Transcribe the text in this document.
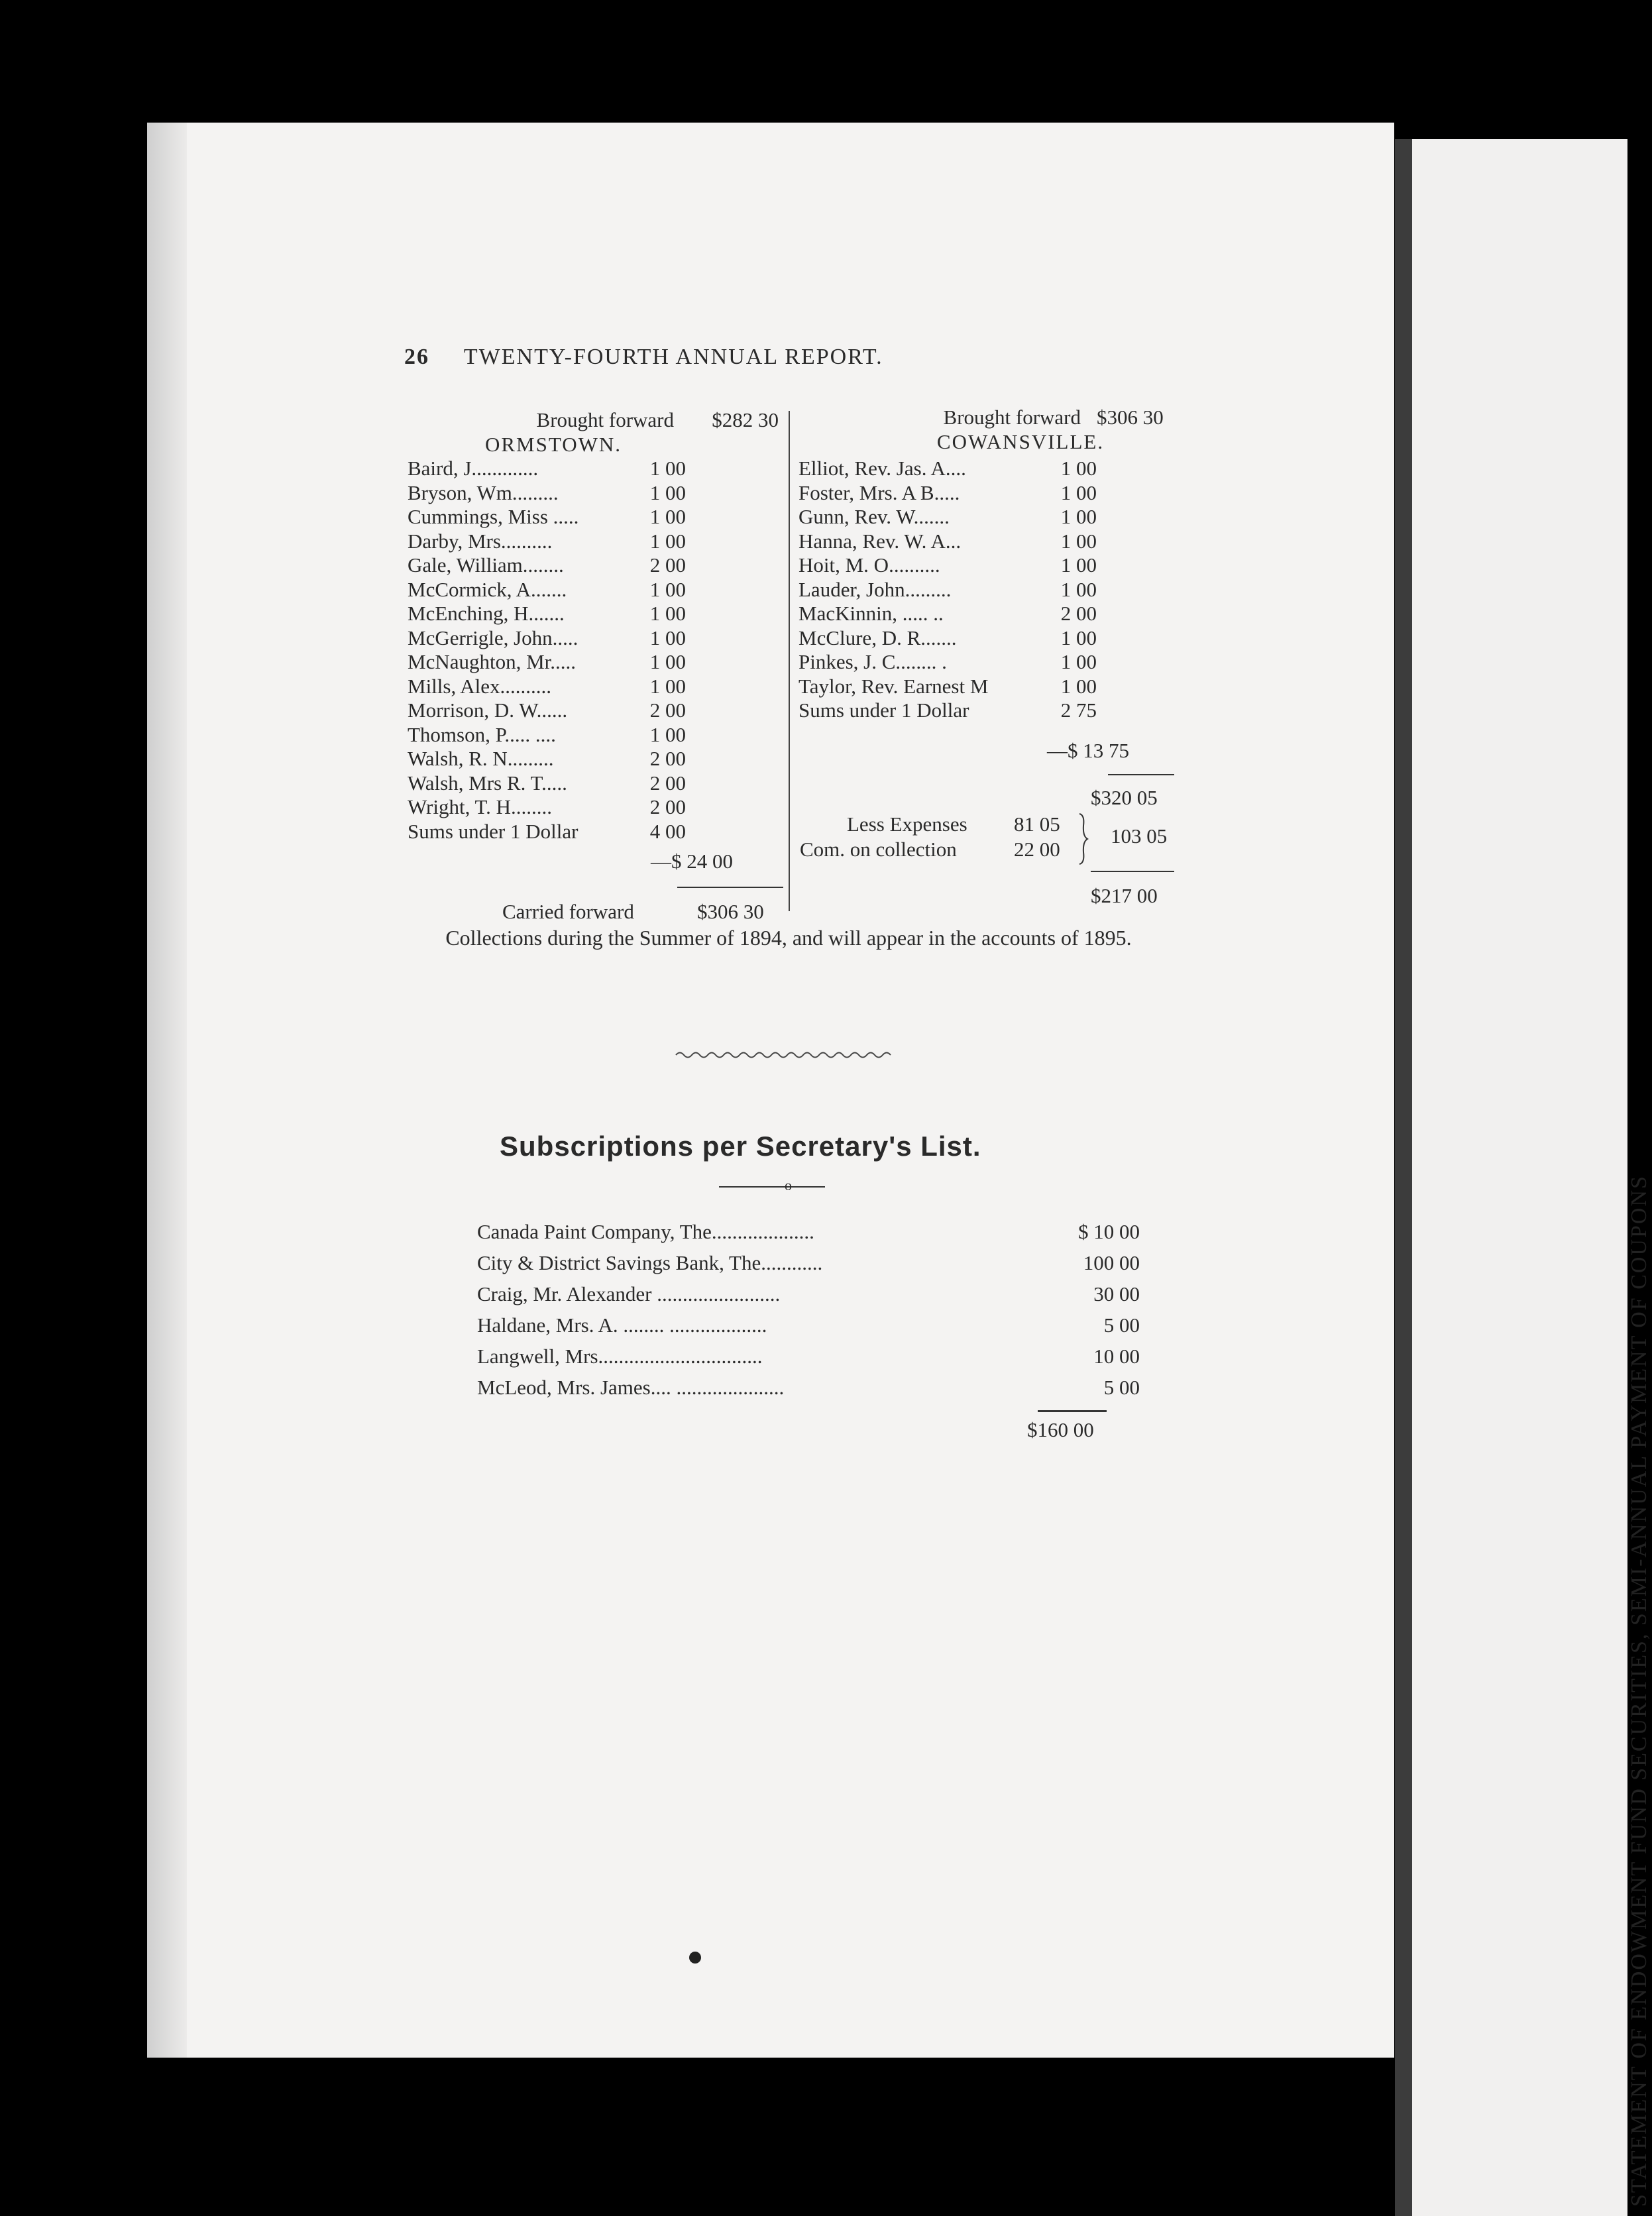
STATEMENT OF ENDOWMENT FUND SECURITIES, SEMI-ANNUAL PAYMENT OF COUPONS
26 TWENTY-FOURTH ANNUAL REPORT.
Brought forward	$282 30
ORMSTOWN.
Baird, J.............	1 00
Bryson, Wm.........	1 00
Cummings, Miss .....	1 00
Darby, Mrs..........	1 00
Gale, William........	2 00
McCormick, A.......	1 00
McEnching, H.......	1 00
McGerrigle, John.....	1 00
McNaughton, Mr.....	1 00
Mills, Alex..........	1 00
Morrison, D. W......	2 00
Thomson, P..... ....	1 00
Walsh, R. N.........	2 00
Walsh, Mrs R. T.....	2 00
Wright, T. H........	2 00
Sums under 1 Dollar	4 00
—$ 24 00
Carried forward	$306 30
Brought forward $306 30
COWANSVILLE.
Elliot, Rev. Jas. A....	1 00
Foster, Mrs. A B.....	1 00
Gunn, Rev. W.......	1 00
Hanna, Rev. W. A...	1 00
Hoit, M. O..........	1 00
Lauder, John.........	1 00
MacKinnin, ..... ..	2 00
McClure, D. R.......	1 00
Pinkes, J. C........ .	1 00
Taylor, Rev. Earnest M	1 00
Sums under 1 Dollar	2 75
—$ 13 75
$320 05
Less Expenses 81 05
Com. on collection	22 00
103 05
$217 00
Collections during the Summer of 1894, and will appear in the accounts of 1895.
Subscriptions per Secretary's List.
o
Canada Paint Company, The....................	$ 10 00
City & District Savings Bank, The............	100 00
Craig, Mr. Alexander ........................	30 00
Haldane, Mrs. A. ........ ...................	5 00
Langwell, Mrs................................	10 00
McLeod, Mrs. James.... .....................	5 00
$160 00
